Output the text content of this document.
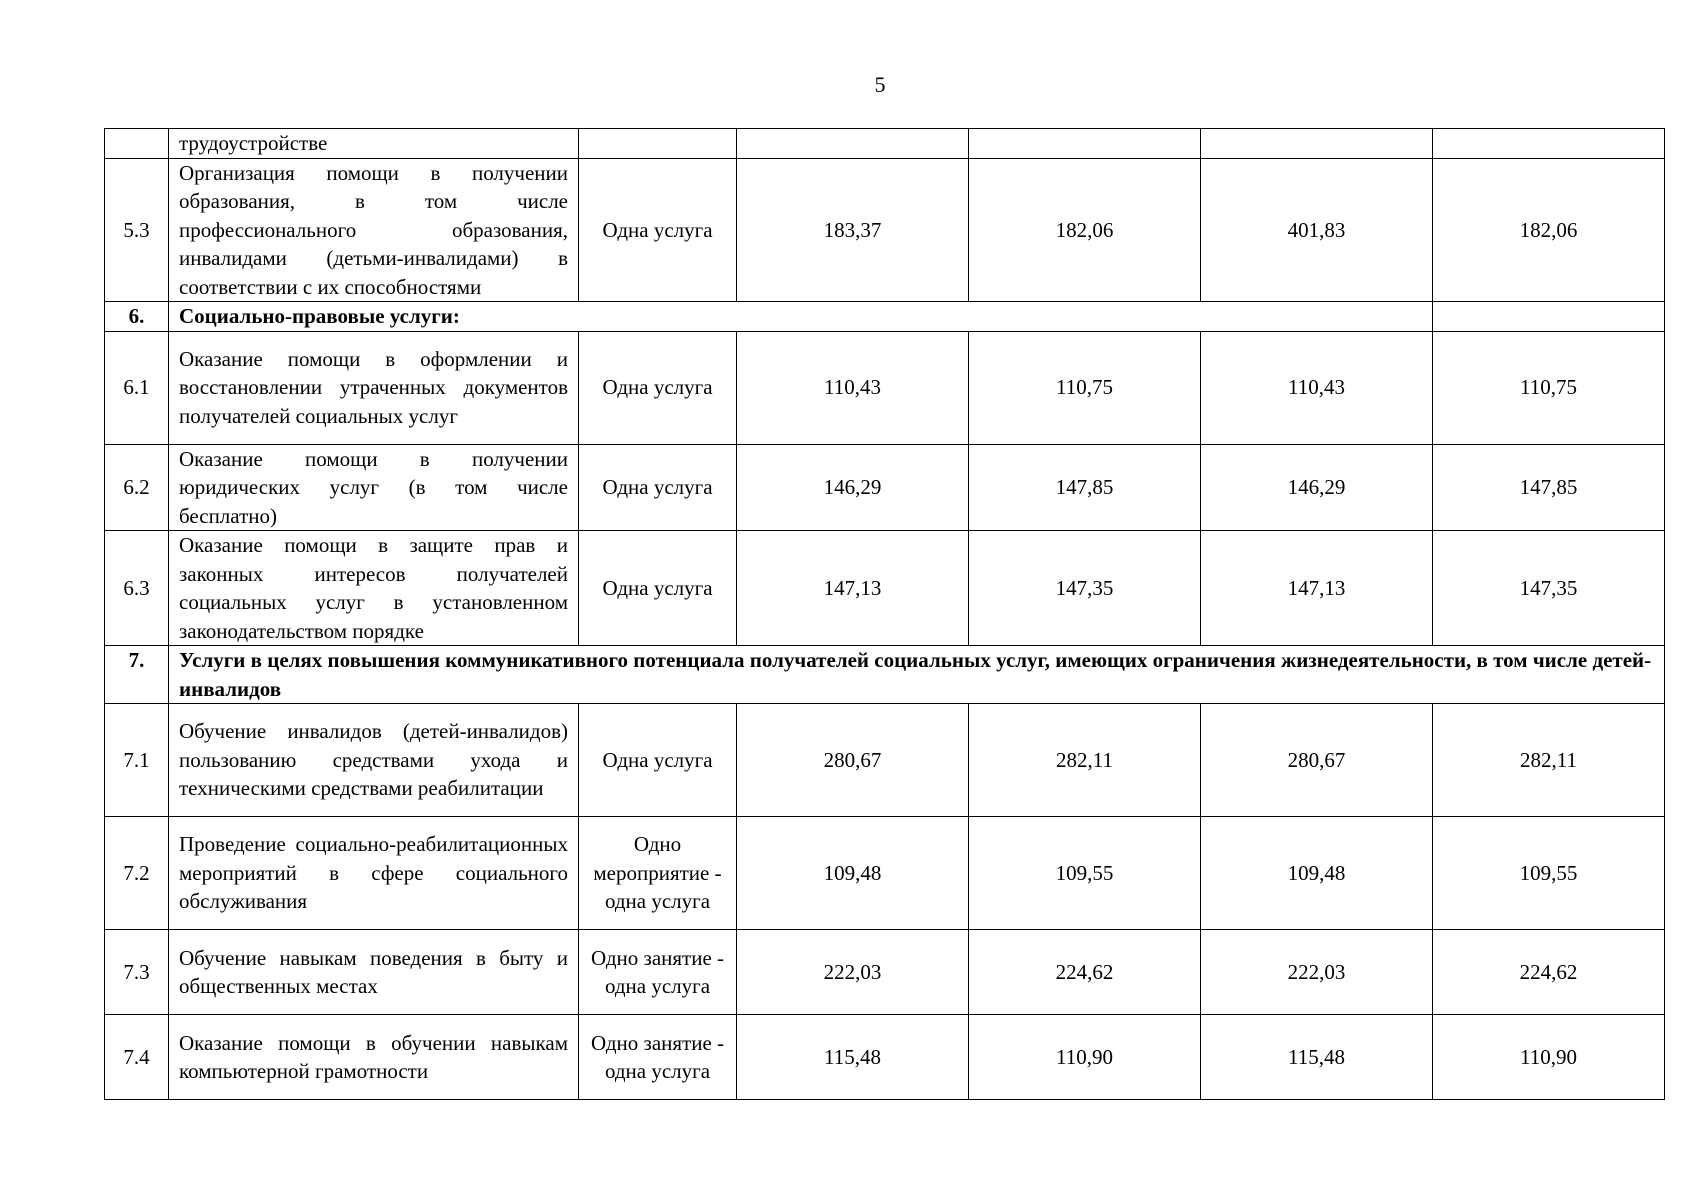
5
	трудоустройстве					
5.3	Организация помощи в получении образования, в том числе профессионального образования, инвалидами (детьми-инвалидами) в соответствии с их способностями	Одна услуга	183,37	182,06	401,83	182,06
6.	Социально-правовые услуги:					
6.1	Оказание помощи в оформлении и восстановлении утраченных документов получателей социальных услуг	Одна услуга	110,43	110,75	110,43	110,75
6.2	Оказание помощи в получении юридических услуг (в том числе бесплатно)	Одна услуга	146,29	147,85	146,29	147,85
6.3	Оказание помощи в защите прав и законных интересов получателей социальных услуг в установленном законодательством порядке	Одна услуга	147,13	147,35	147,13	147,35
7.	Услуги в целях повышения коммуникативного потенциала получателей социальных услуг, имеющих ограничения жизнедеятельности, в том числе детей-инвалидов					
7.1	Обучение инвалидов (детей-инвалидов) пользованию средствами ухода и техническими средствами реабилитации	Одна услуга	280,67	282,11	280,67	282,11
7.2	Проведение социально-реабилитационных мероприятий в сфере социального обслуживания	Одно мероприятие - одна услуга	109,48	109,55	109,48	109,55
7.3	Обучение навыкам поведения в быту и общественных местах	Одно занятие - одна услуга	222,03	224,62	222,03	224,62
7.4	Оказание помощи в обучении навыкам компьютерной грамотности	Одно занятие - одна услуга	115,48	110,90	115,48	110,90
